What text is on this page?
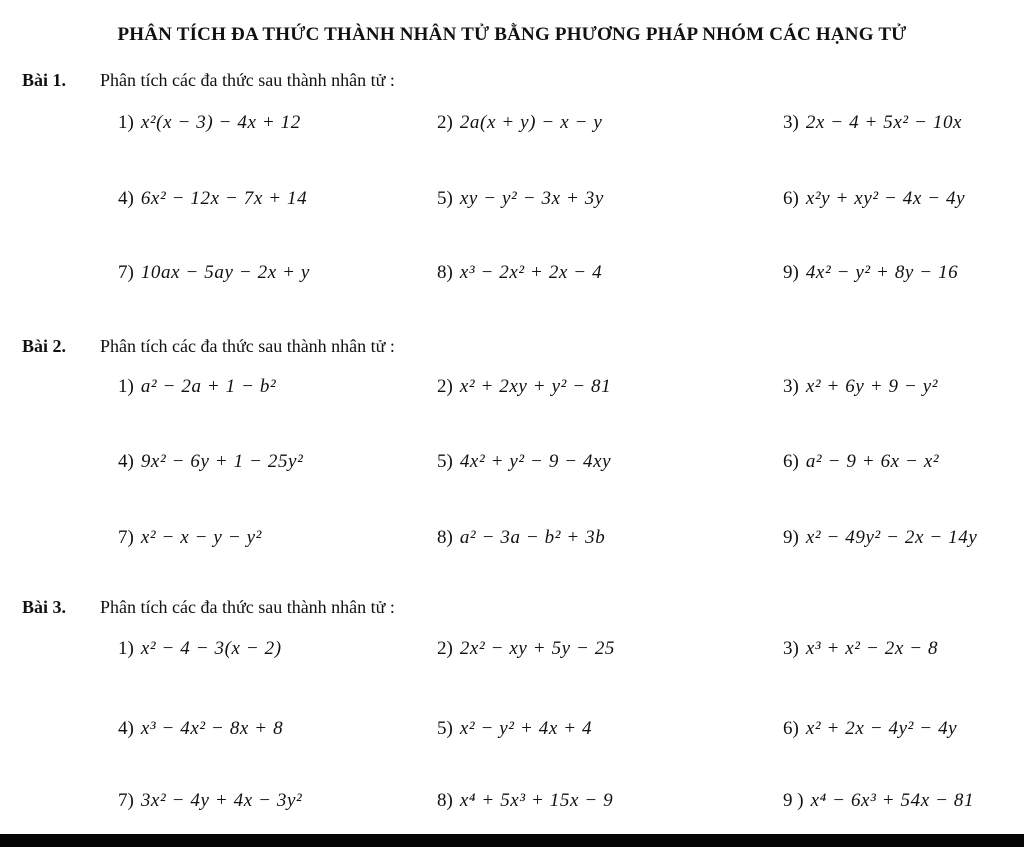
PHÂN TÍCH ĐA THỨC THÀNH NHÂN TỬ BẰNG PHƯƠNG PHÁP NHÓM CÁC HẠNG TỬ
Bài 1. Phân tích các đa thức sau thành nhân tử :
1) x²(x − 3) − 4x + 12	2) 2a(x + y) − x − y	3) 2x − 4 + 5x² − 10x
4) 6x² − 12x − 7x + 14	5) xy − y² − 3x + 3y	6) x²y + xy² − 4x − 4y
7) 10ax − 5ay − 2x + y	8) x³ − 2x² + 2x − 4	9) 4x² − y² + 8y − 16
Bài 2. Phân tích các đa thức sau thành nhân tử :
1) a² − 2a + 1 − b²	2) x² + 2xy + y² − 81	3) x² + 6y + 9 − y²
4) 9x² − 6y + 1 − 25y²	5) 4x² + y² − 9 − 4xy	6) a² − 9 + 6x − x²
7) x² − x − y − y²	8) a² − 3a − b² + 3b	9) x² − 49y² − 2x − 14y
Bài 3. Phân tích các đa thức sau thành nhân tử :
1) x² − 4 − 3(x − 2)	2) 2x² − xy + 5y − 25	3) x³ + x² − 2x − 8
4) x³ − 4x² − 8x + 8	5) x² − y² + 4x + 4	6) x² + 2x − 4y² − 4y
7) 3x² − 4y + 4x − 3y²	8) x⁴ + 5x³ + 15x − 9	9 ) x⁴ − 6x³ + 54x − 81
